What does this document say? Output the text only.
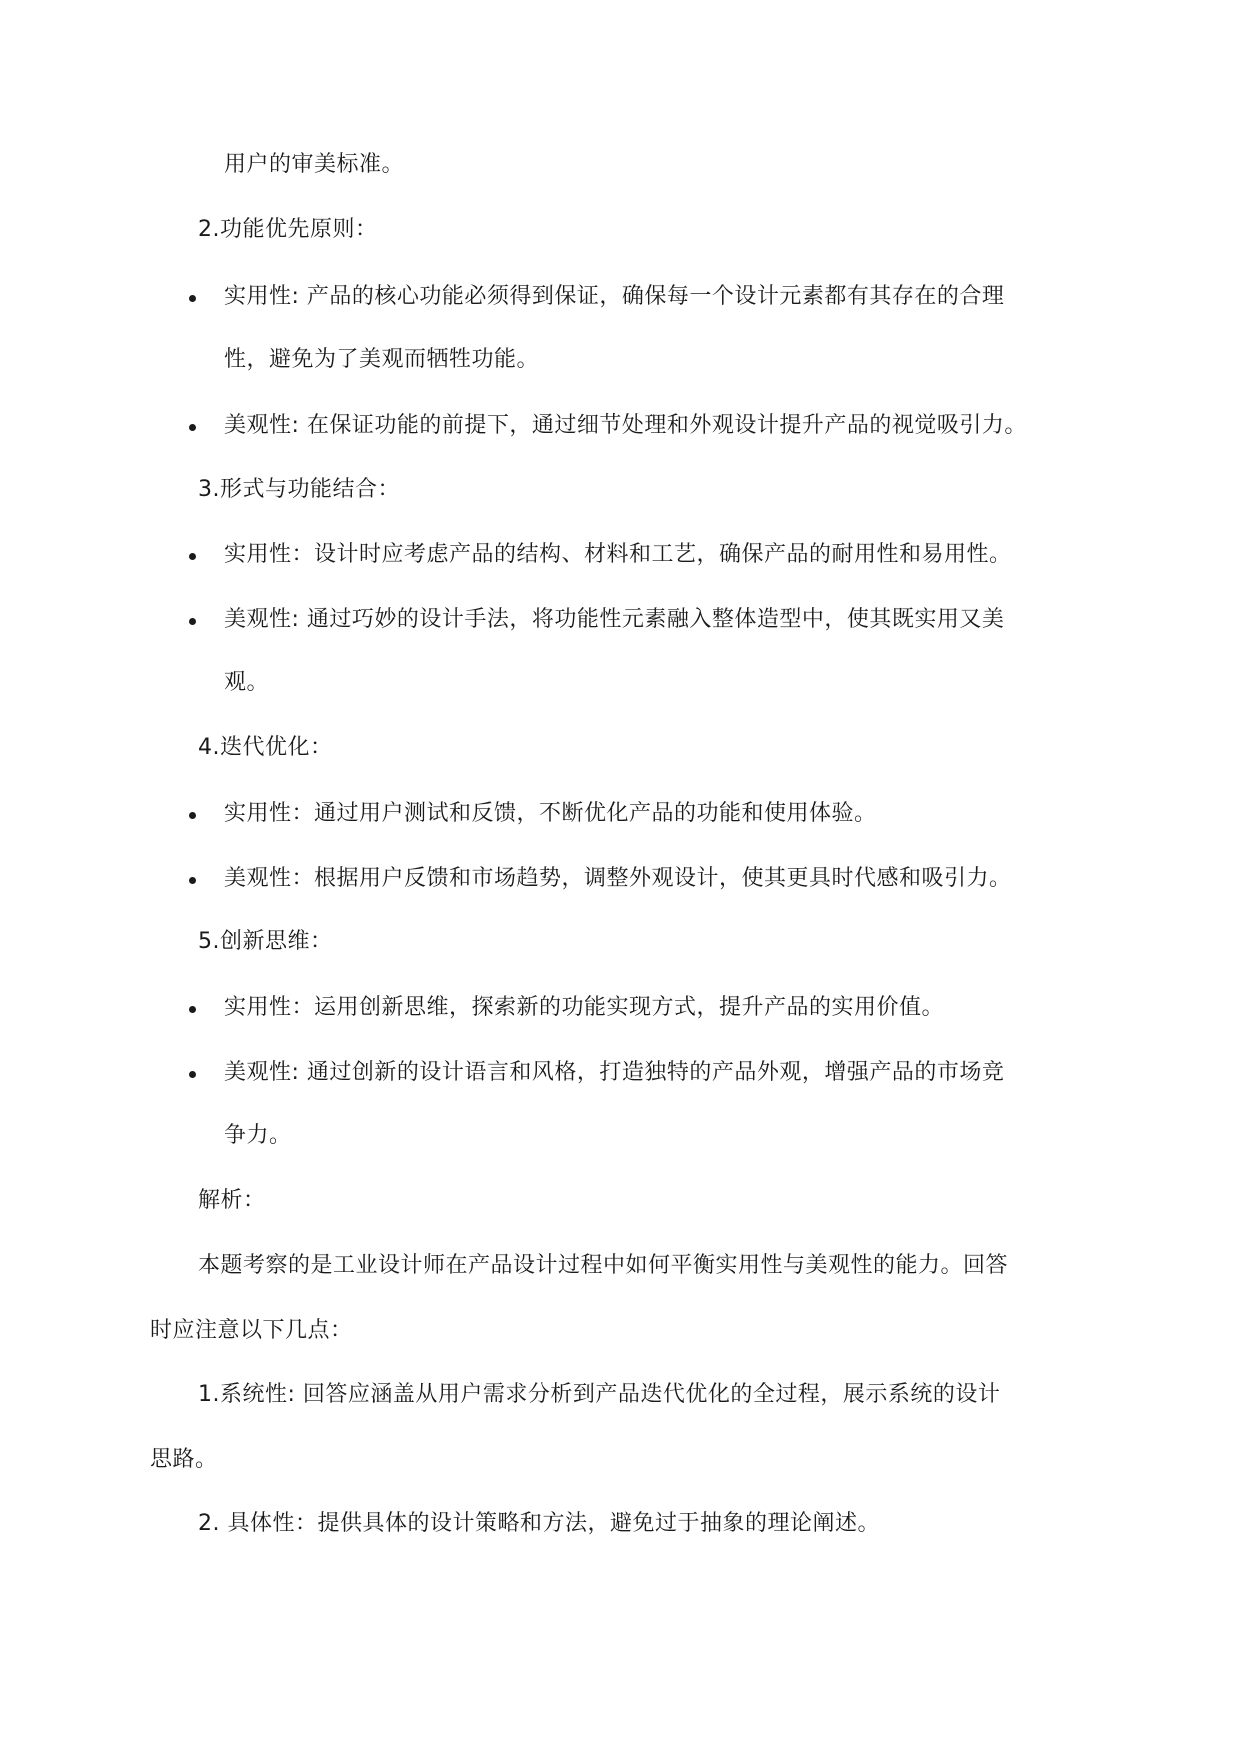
用户的审美标准。
2.功能优先原则：
实用性: 产品的核心功能必须得到保证，确保每一个设计元素都有其存在的合理
性，避免为了美观而牺牲功能。
美观性: 在保证功能的前提下，通过细节处理和外观设计提升产品的视觉吸引力。
3.形式与功能结合：
实用性：设计时应考虑产品的结构、材料和工艺，确保产品的耐用性和易用性。
美观性: 通过巧妙的设计手法，将功能性元素融入整体造型中，使其既实用又美
观。
4.迭代优化：
实用性：通过用户测试和反馈，不断优化产品的功能和使用体验。
美观性：根据用户反馈和市场趋势，调整外观设计，使其更具时代感和吸引力。
5.创新思维：
实用性：运用创新思维，探索新的功能实现方式，提升产品的实用价值。
美观性: 通过创新的设计语言和风格，打造独特的产品外观，增强产品的市场竞
争力。
解析：
本题考察的是工业设计师在产品设计过程中如何平衡实用性与美观性的能力。回答
时应注意以下几点：
1.系统性: 回答应涵盖从用户需求分析到产品迭代优化的全过程，展示系统的设计
思路。
2. 具体性：提供具体的设计策略和方法，避免过于抽象的理论阐述。
